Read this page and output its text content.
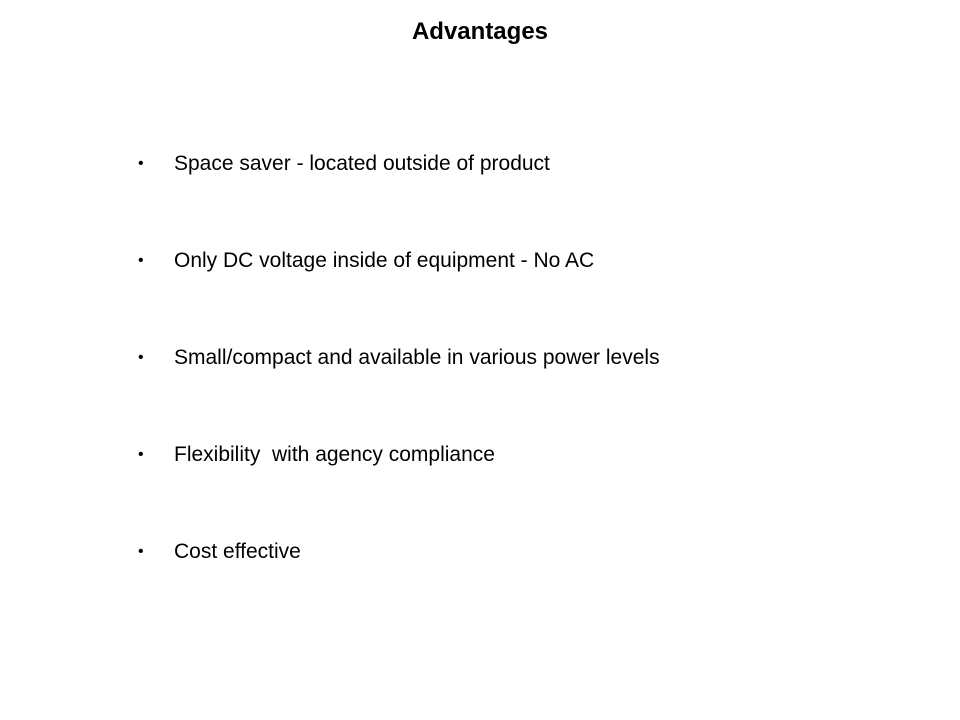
Advantages
•	Space saver - located outside of product
•	Only DC voltage inside of equipment - No AC
•	Small/compact and available in various power levels
•	Flexibility  with agency compliance
•	Cost effective
